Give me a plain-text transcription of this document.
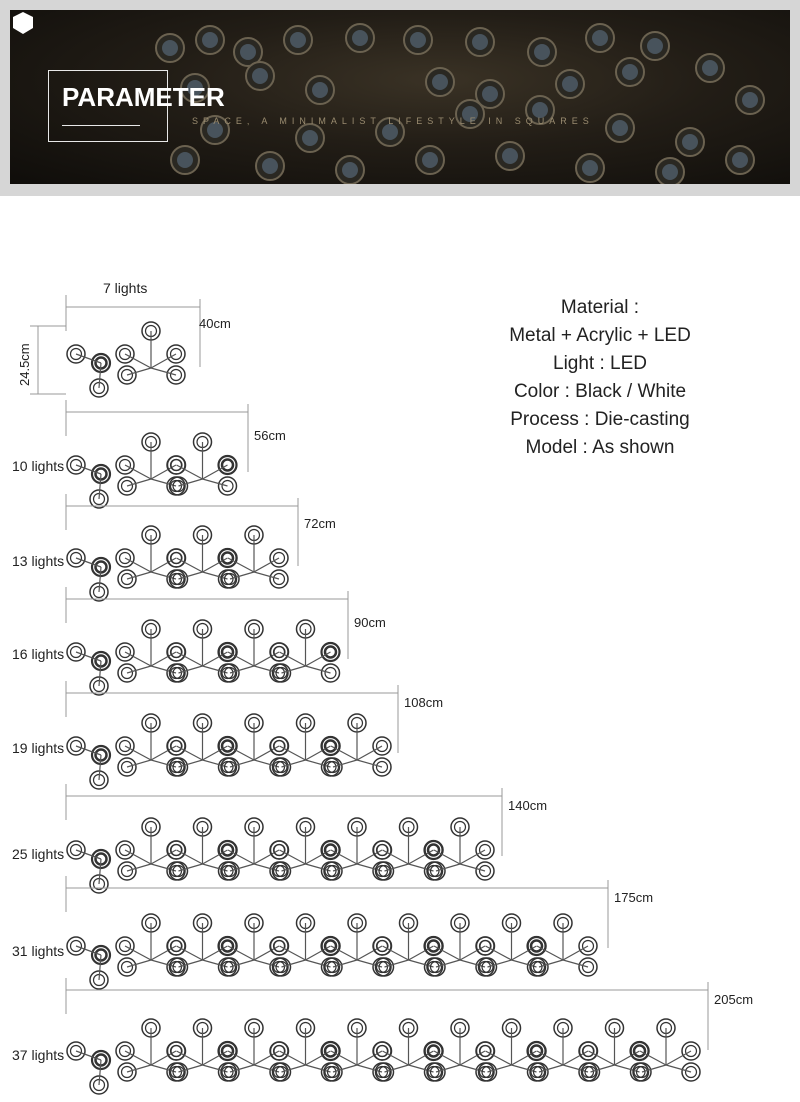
PARAMETER
SPACE, A MINIMALIST LIFESTYLE IN SQUARES
40cm
7 lights
24.5cm
56cm
10 lights
72cm
13 lights
90cm
16 lights
108cm
19 lights
140cm
25 lights
175cm
31 lights
205cm
37 lights
Material :
Metal + Acrylic + LED
Light : LED
Color : Black / White
Process : Die-casting
Model : As shown
